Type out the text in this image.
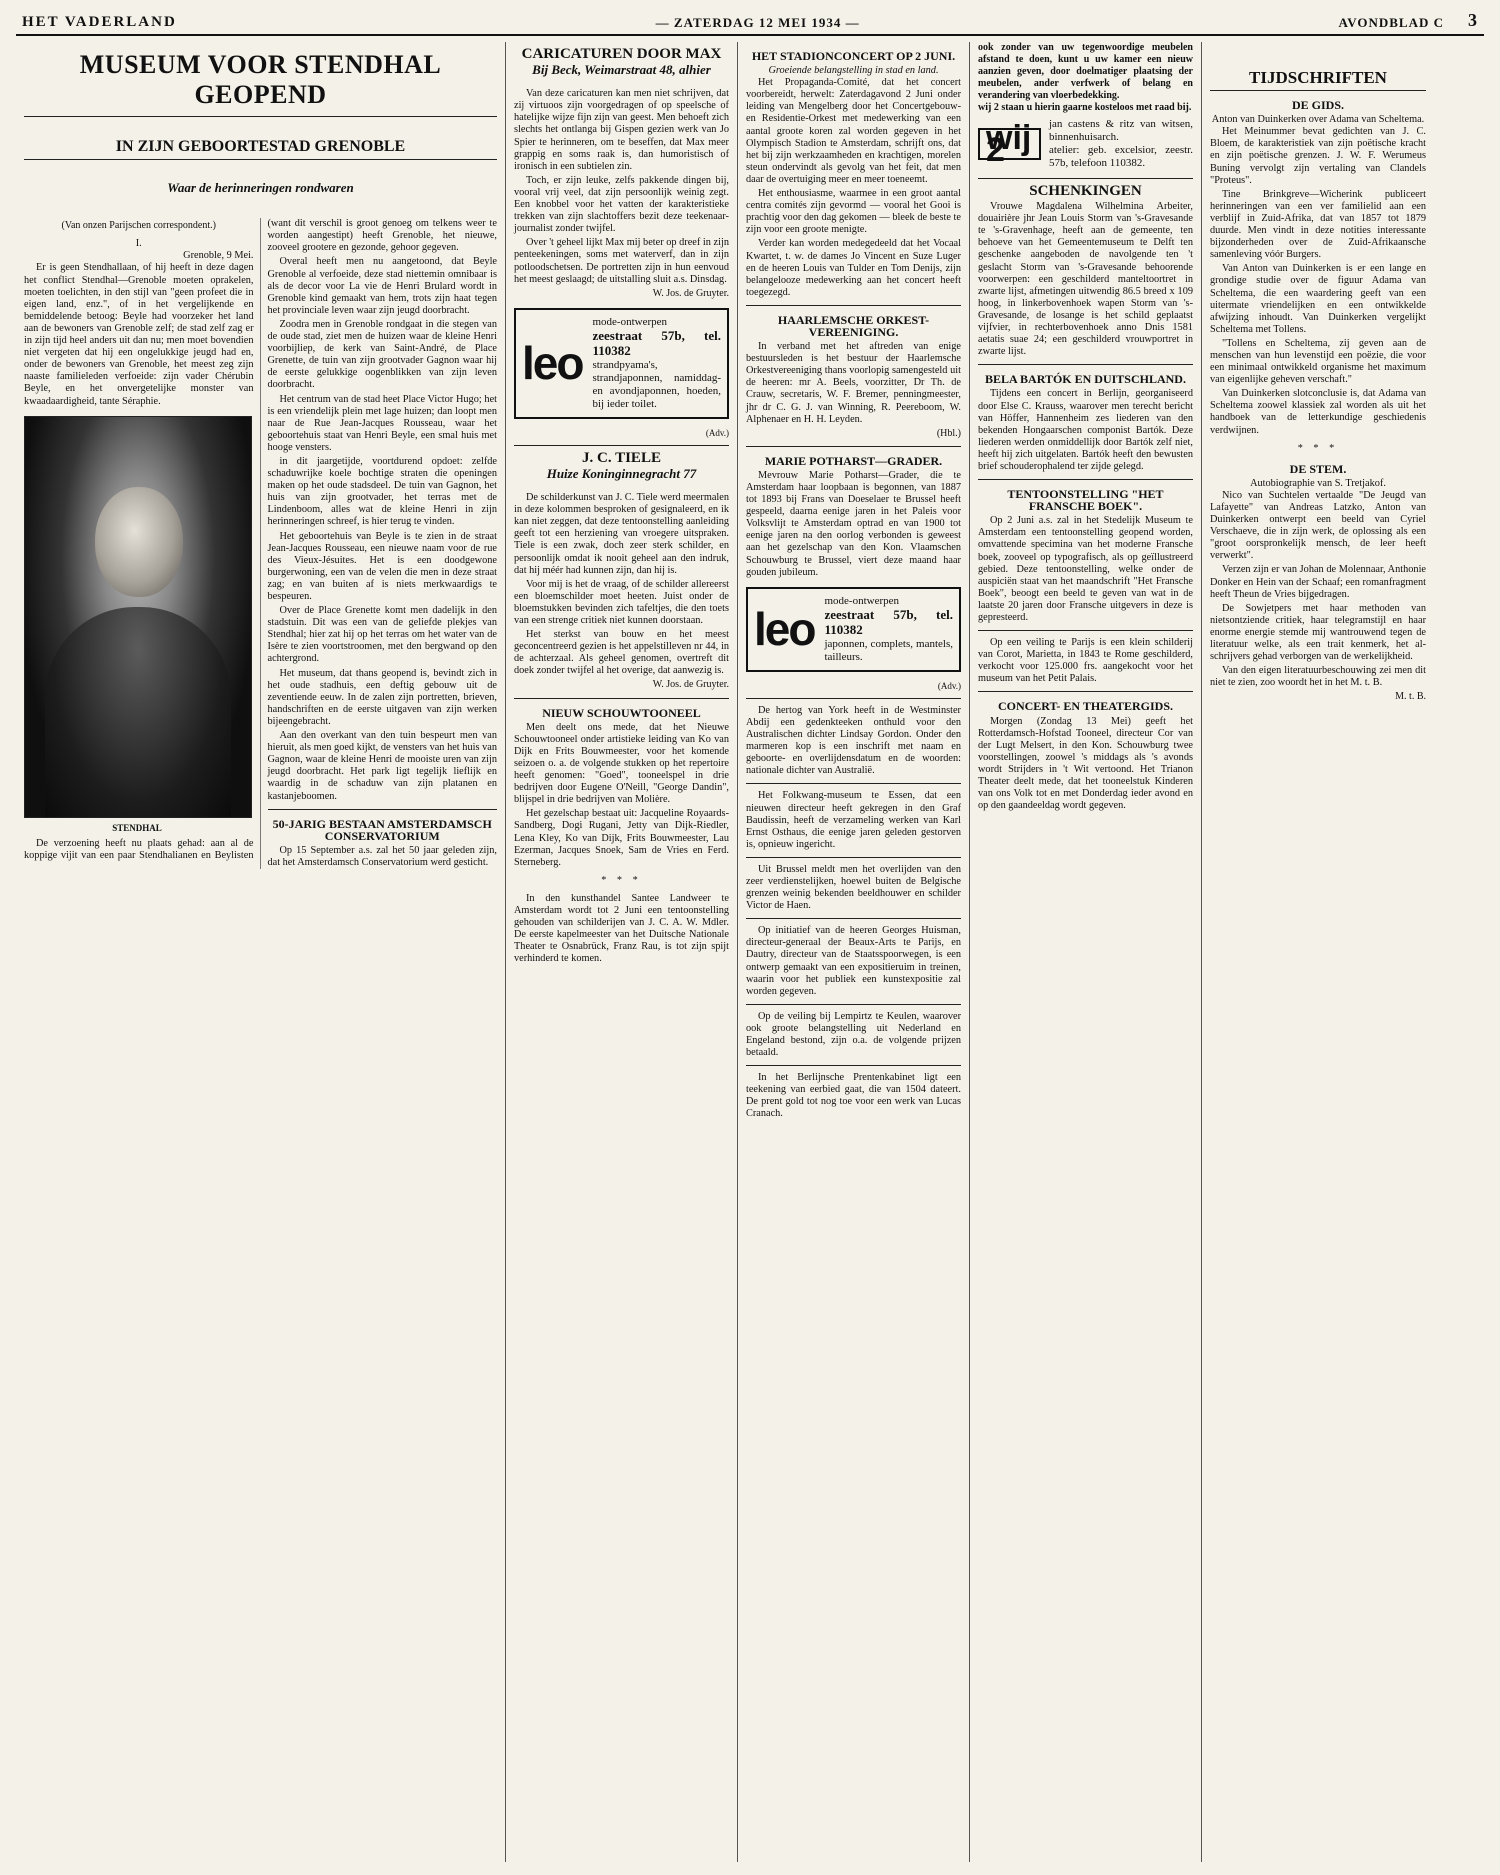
HET VADERLAND	— ZATERDAG 12 MEI 1934 —	AVONDBLAD C 3
MUSEUM VOOR STENDHAL GEOPEND
IN ZIJN GEBOORTESTAD GRENOBLE
Waar de herinneringen rondwaren
(Van onzen Parijschen correspondent.)
I.
Grenoble, 9 Mei.

Er is geen Stendhallaan, of hij heeft in deze dagen het conflict Stendhal—Grenoble moeten oprakelen, moeten toelichten, in den stijl van "geen profeet die in eigen land, enz.", of in het vergelijkende en bemiddelende betoog: Beyle had voorzeker het land aan de bewoners van Grenoble zelf; de stad zelf zag er in zijn tijd heel anders uit dan nu; men moet bovendien niet vergeten dat hij een ongelukkige jeugd had en, onder de bewoners van Grenoble, het meest zeg zijn naaste familieleden verfoeide: zijn vader Chérubin Beyle, en het onvergetelijke monster van kwaadaardigheid, tante Séraphie.

STENDHAL

De verzoening heeft nu plaats gehad: aan al de koppige vijit van een paar Stendhalianen en Beylisten (want dit verschil is groot genoeg om telkens weer te worden aangestipt) heeft Grenoble, het nieuwe, zooveel grootere en gezonde, gehoor gegeven.

Overal heeft men nu aangetoond, dat Beyle Grenoble al verfoeide, deze stad niettemin omnibaar is als de decor voor La vie de Henri Brulard wordt in Grenoble kind gemaakt van hem, trots zijn haat tegen het provinciale leven waar zijn jeugd doorbracht.

Zoodra men in Grenoble rondgaat in die stegen van de oude stad, ziet men de huizen waar de kleine Henri voorbijliep, de kerk van Saint-André, de Place Grenette, de tuin van zijn grootvader Gagnon waar hij de eerste gelukkige oogenblikken van zijn leven doorbracht.

Het centrum van de stad heet Place Victor Hugo; het is een vriendelijk plein met lage huizen; dan loopt men naar de Rue Jean-Jacques Rousseau, waar het geboortehuis staat van Henri Beyle, een smal huis met hooge vensters.

in dit jaargetijde, voortdurend opdoet: zelfde schaduwrijke koele bochtige straten die openingen maken op het oude stadsdeel. De tuin van Gagnon, het huis van zijn grootvader, het terras met de Lindenboom, alles wat de kleine Henri in zijn herinneringen schreef, is hier terug te vinden.

Het geboortehuis van Beyle is te zien in de straat Jean-Jacques Rousseau, een nieuwe naam voor de rue des Vieux-Jésuites. Het is een doodgewone burgerwoning, een van de velen die men in deze straat zag; en van buiten af is niets merkwaardigs te bespeuren.

Over de Place Grenette komt men dadelijk in den stadstuin. Dit was een van de geliefde plekjes van Stendhal; hier zat hij op het terras om het water van de Isère te zien voortstroomen, met den bergwand op den achtergrond.

Het museum, dat thans geopend is, bevindt zich in het oude stadhuis, een deftig gebouw uit de zeventiende eeuw. In de zalen zijn portretten, brieven, handschriften en de eerste uitgaven van zijn werken bijeengebracht.

Aan den overkant van den tuin bespeurt men van hieruit, als men goed kijkt, de vensters van het huis van Gagnon, waar de kleine Henri de mooiste uren van zijn jeugd doorbracht. Het park ligt tegelijk lieflijk en waardig in de schaduw van zijn platanen en kastanjeboomen.

50-JARIG BESTAAN AMSTERDAMSCH CONSERVATORIUM

Op 15 September a.s. zal het 50 jaar geleden zijn, dat het Amsterdamsch Conservatorium werd gesticht.

CARICATUREN DOOR MAX
Bij Beck, Weimarstraat 48, alhier

Van deze caricaturen kan men niet schrijven, dat zij virtuoos zijn voorgedragen of op speelsche of hatelijke wijze fijn zijn van geest. Men behoeft zich slechts het ontlanga bij Gispen gezien werk van Jo Spier te herinneren, om te beseffen, dat Max meer grappig en soms raak is, dan humoristisch of ironisch in een subtielen zin.

Toch, er zijn leuke, zelfs pakkende dingen bij, vooral vrij veel, dat zijn persoonlijk weinig zegt. Een knobbel voor het vatten der karakteristieke trekken van zijn slachtoffers bezit deze teekenaar-journalist zonder twijfel.

Over 't geheel lijkt Max mij beter op dreef in zijn penteekeningen, soms met waterverf, dan in zijn potloodschetsen. De portretten zijn in hun eenvoud het meest geslaagd; de uitstalling sluit a.s. Dinsdag.

W. Jos. de Gruyter.
leo
mode-ontwerpen
zeestraat 57b, tel. 110382
strandpyama's, strandjaponnen, namiddag- en avondjaponnen, hoeden, bij ieder toilet.
(Adv.)
J. C. TIELE
Huize Koninginnegracht 77

De schilderkunst van J. C. Tiele werd meermalen in deze kolommen besproken of gesignaleerd, en ik kan niet zeggen, dat deze tentoonstelling aanleiding geeft tot een herziening van vroegere uitspraken. Tiele is een zwak, doch zeer sterk schilder, en persoonlijk omdat ik nooit geheel aan den indruk, dat hij méér had kunnen zijn, dan hij is.

Voor mij is het de vraag, of de schilder allereerst een bloemschilder moet heeten. Juist onder de bloemstukken bevinden zich tafeltjes, die den toets van een strenge critiek niet kunnen doorstaan.

Het sterkst van bouw en het meest geconcentreerd gezien is het appelstilleven nr 44, in de achterzaal. Als geheel genomen, overtreft dit doek zonder twijfel al het overige, dat aanwezig is.

W. Jos. de Gruyter.
NIEUW SCHOUWTOONEEL

Men deelt ons mede, dat het Nieuwe Schouwtooneel onder artistieke leiding van Ko van Dijk en Frits Bouwmeester, voor het komende seizoen o. a. de volgende stukken op het repertoire heeft genomen: "Goed", tooneelspel in drie bedrijven door Eugene O'Neill, "George Dandin", blijspel in drie bedrijven van Molière.

Het gezelschap bestaat uit: Jacqueline Royaards-Sandberg, Dogi Rugani, Jetty van Dijk-Riedler, Lena Kley, Ko van Dijk, Frits Bouwmeester, Lau Ezerman, Jacques Snoek, Sam de Vries en Ferd. Sterneberg.

* * *

In den kunsthandel Santee Landweer te Amsterdam wordt tot 2 Juni een tentoonstelling gehouden van schilderijen van J. C. A. W. Mdler. De eerste kapelmeester van het Duitsche Nationale Theater te Osnabrück, Franz Rau, is tot zijn spijt verhinderd te komen.

HET STADIONCONCERT OP 2 JUNI.
Groeiende belangstelling in stad en land.

Het Propaganda-Comité, dat het concert voorbereidt, herwelt: Zaterdagavond 2 Juni onder leiding van Mengelberg door het Concertgebouw- en Residentie-Orkest met medewerking van een aantal groote koren zal worden gegeven in het Olympisch Stadion te Amsterdam, schrijft ons, dat het bij zijn werkzaamheden en krachtigen, morelen steun ondervindt als gevolg van het feit, dat men daar de overtuiging meer en meer toeneemt.

Het enthousiasme, waarmee in een groot aantal centra comités zijn gevormd — vooral het Gooi is prachtig voor den dag gekomen — bleek de beste te zijn voor een groote menigte.

Verder kan worden medegedeeld dat het Vocaal Kwartet, t. w. de dames Jo Vincent en Suze Luger en de heeren Louis van Tulder en Tom Denijs, zijn belangelooze medewerking aan het concert heeft toegezegd.

HAARLEMSCHE ORKEST-VEREENIGING.

In verband met het aftreden van enige bestuursleden is het bestuur der Haarlemsche Orkestvereeniging thans voorlopig samengesteld uit de heeren: mr A. Beels, voorzitter, Dr Th. de Crauw, secretaris, W. F. Bremer, penningmeester, jhr dr C. G. J. van Winning, R. Peereboom, W. Alphenaer en H. H. Leyden.

(Hbl.)
MARIE POTHARST—GRADER.

Mevrouw Marie Potharst—Grader, die te Amsterdam haar loopbaan is begonnen, van 1887 tot 1893 bij Frans van Doeselaer te Brussel heeft gespeeld, daarna eenige jaren in het Paleis voor Volksvlijt te Amsterdam optrad en van 1900 tot eenige jaren na den oorlog verbonden is geweest aan het gezelschap van den Kon. Vlaamschen Schouwburg te Brussel, viert deze maand haar gouden jubileum.

leo
mode-ontwerpen
zeestraat 57b, tel. 110382
japonnen, complets, mantels, tailleurs.
(Adv.)

De hertog van York heeft in de Westminster Abdij een gedenkteeken onthuld voor den Australischen dichter Lindsay Gordon. Onder den marmeren kop is een inschrift met naam en geboorte- en overlijdensdatum en de woorden: nationale dichter van Australië.

Het Folkwang-museum te Essen, dat een nieuwen directeur heeft gekregen in den Graf Baudissin, heeft de verzameling werken van Karl Ernst Osthaus, die eenige jaren geleden gestorven is, opnieuw ingericht.

Uit Brussel meldt men het overlijden van den zeer verdienstelijken, hoewel buiten de Belgische grenzen weinig bekenden beeldhouwer en schilder Victor de Haen.

Op initiatief van de heeren Georges Huisman, directeur-generaal der Beaux-Arts te Parijs, en Dautry, directeur van de Staatsspoorwegen, is een ontwerp gemaakt van een expositieruim in treinen, waarin voor het publiek een kunstexpositie zal worden gegeven.

Op de veiling bij Lempirtz te Keulen, waarover ook groote belangstelling uit Nederland en Engeland bestond, zijn o.a. de volgende prijzen betaald.

In het Berlijnsche Prentenkabinet ligt een teekening van eerbied gaat, die van 1504 dateert. De prent gold tot nog toe voor een werk van Lucas Cranach.

ook zonder van uw tegenwoordige meubelen afstand te doen, kunt u uw kamer een nieuw aanzien geven, door doelmatiger plaatsing der meubelen, ander verfwerk of belang en verandering van vloerbedekking.
wij 2 staan u hierin gaarne kosteloos met raad bij.
wij 2
jan castens & ritz van witsen, binnenhuisarch.
atelier: geb. excelsior, zeestr. 57b, telefoon 110382.
SCHENKINGEN

Vrouwe Magdalena Wilhelmina Arbeiter, douairière jhr Jean Louis Storm van 's-Gravesande te 's-Gravenhage, heeft aan de gemeente, ten behoeve van het Gemeentemuseum te Delft ten geschenke aangeboden de navolgende ten 't geslacht Storm van 's-Gravesande behoorende voorwerpen: een geschilderd manteltoortret in zwarte lijst, afmetingen uitwendig 86.5 breed x 109 hoog, in linkerbovenhoek wapen Storm van 's-Gravesande, de losange is het schild geplaatst vijfvier, in rechterbovenhoek anno Dnis 1581 aetatis suae 24; een geschilderd vrouwportret in zwarte lijst.

BELA BARTÓK EN DUITSCHLAND.

Tijdens een concert in Berlijn, georganiseerd door Else C. Krauss, waarover men terecht bericht van Höffer, Hannenheim zes liederen van den bekenden Hongaarschen componist Bartók. Deze liederen werden onmiddellijk door Bartók zelf niet, heeft hij zich uitgelaten. Bartók heeft den bewusten brief schouderophalend ter zijde gelegd.

TENTOONSTELLING "HET FRANSCHE BOEK".

Op 2 Juni a.s. zal in het Stedelijk Museum te Amsterdam een tentoonstelling geopend worden, omvattende specimina van het moderne Fransche boek, zooveel op typografisch, als op geïllustreerd gebied. Deze tentoonstelling, welke onder de auspiciën staat van het maandschrift "Het Fransche Boek", beoogt een beeld te geven van wat in de laatste 20 jaren door Fransche uitgevers in deze is gepresteerd.

Op een veiling te Parijs is een klein schilderij van Corot, Marietta, in 1843 te Rome geschilderd, verkocht voor 125.000 frs. aangekocht voor het museum van het Petit Palais.

CONCERT- EN THEATERGIDS.

Morgen (Zondag 13 Mei) geeft het Rotterdamsch-Hofstad Tooneel, directeur Cor van der Lugt Melsert, in den Kon. Schouwburg twee voorstellingen, zoowel 's middags als 's avonds wordt Strijders in 't Wit vertoond. Het Trianon Theater deelt mede, dat het tooneelstuk Kinderen van ons Volk tot en met Donderdag ieder avond en op den gaandeeldag wordt gegeven.

TIJDSCHRIFTEN
DE GIDS.
Anton van Duinkerken over Adama van Scheltema.

Het Meinummer bevat gedichten van J. C. Bloem, de karakteristiek van zijn poëtische kracht en zijn poëtische grenzen. J. W. F. Werumeus Buning vervolgt zijn vertaling van Clandels "Proteus".

Tine Brinkgreve—Wicherink publiceert herinneringen van een ver familielid aan een verblijf in Zuid-Afrika, dat van 1857 tot 1879 duurde. Men vindt in deze notities interessante bijzonderheden over de Zuid-Afrikaansche samenleving vóór Burgers.

Van Anton van Duinkerken is er een lange en grondige studie over de figuur Adama van Scheltema, die een waardering geeft van een uitermate vriendelijken en een ontwikkelde afwijzing inhoudt. Van Duinkerken vergelijkt Scheltema met Tollens.

"Tollens en Scheltema, zij geven aan de menschen van hun levenstijd een poëzie, die voor een minimaal ontwikkeld organisme het maximum van eigenlijke geheven verschaft."

Van Duinkerken slotconclusie is, dat Adama van Scheltema zoowel klassiek zal worden als uit het handboek van de letterkundige geschiedenis verdwijnen.

* * *
DE STEM.
Autobiographie van S. Tretjakof.

Nico van Suchtelen vertaalde "De Jeugd van Lafayette" van Andreas Latzko, Anton van Duinkerken ontwerpt een beeld van Cyriel Verschaeve, die in zijn werk, de oplossing als een "groot oorspronkelijk mensch, de leer heeft verwerkt".

Verzen zijn er van Johan de Molennaar, Anthonie Donker en Hein van der Schaaf; een romanfragment heeft Theun de Vries bijgedragen.

De Sowjetpers met haar methoden van nietsontziende critiek, haar telegramstijl en haar enorme energie stemde mij wantrouwend tegen de literatuur welke, als een trait kenmerk, het al-schrijvers gehad verborgen van de werkelijkheid.

Van den eigen literatuurbeschouwing zei men dit niet te zien, zoo woordt het in het M. t. B.

M. t. B.
